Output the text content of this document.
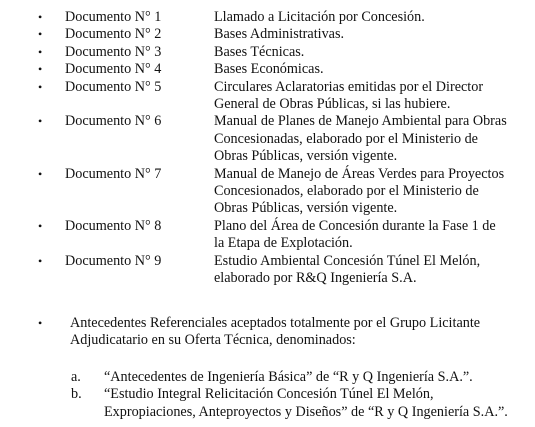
•	Documento N° 1	Llamado a Licitación por Concesión.
•	Documento N° 2	Bases Administrativas.
•	Documento N° 3	Bases Técnicas.
•	Documento N° 4	Bases Económicas.
•	Documento N° 5	Circulares Aclaratorias emitidas por el Director
General de Obras Públicas, si las hubiere.
•	Documento N° 6	Manual de Planes de Manejo Ambiental para Obras
Concesionadas, elaborado por el Ministerio de
Obras Públicas, versión vigente.
•	Documento N° 7	Manual de Manejo de Áreas Verdes para Proyectos
Concesionados, elaborado por el Ministerio de
Obras Públicas, versión vigente.
•	Documento N° 8	Plano del Área de Concesión durante la Fase 1 de
la Etapa de Explotación.
•	Documento N° 9	Estudio Ambiental Concesión Túnel El Melón,
elaborado por R&Q Ingeniería S.A.
• Antecedentes Referenciales aceptados totalmente por el Grupo Licitante
Adjudicatario en su Oferta Técnica, denominados:
a. “Antecedentes de Ingeniería Básica” de “R y Q Ingeniería S.A.”.
b. “Estudio Integral Relicitación Concesión Túnel El Melón,
Expropiaciones, Anteproyectos y Diseños” de “R y Q Ingeniería S.A.”.
